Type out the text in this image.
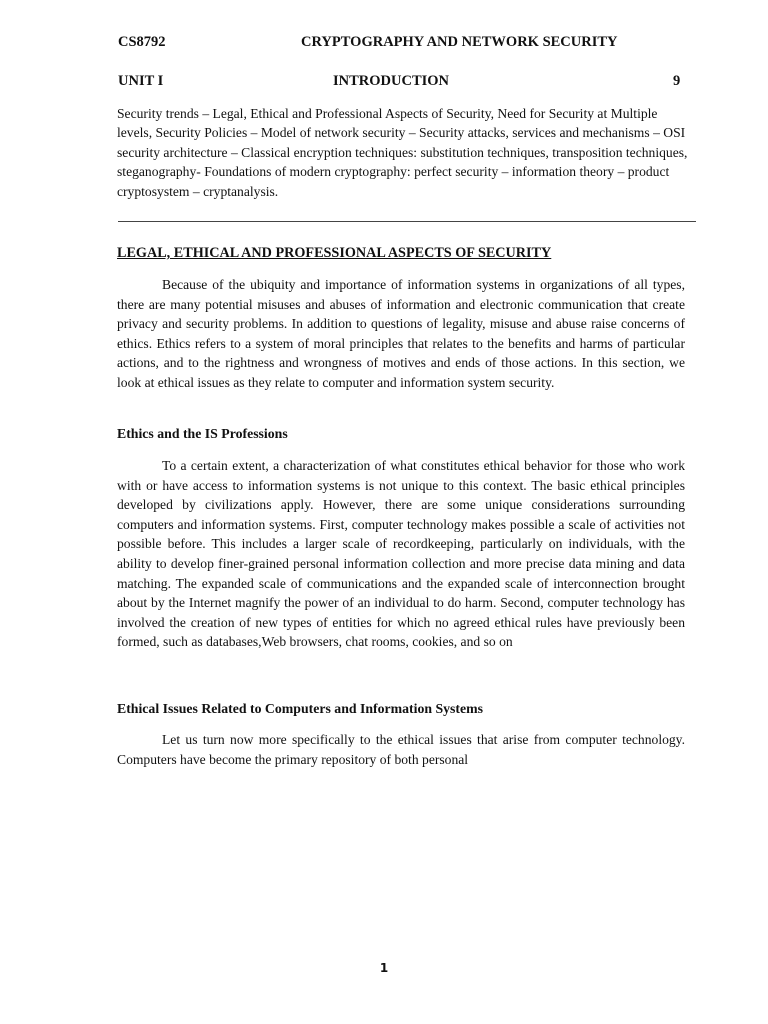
CS8792	CRYPTOGRAPHY AND NETWORK SECURITY
UNIT I	INTRODUCTION	9

Security trends – Legal, Ethical and Professional Aspects of Security, Need for Security at Multiple levels, Security Policies – Model of network security – Security attacks, services and mechanisms – OSI security architecture – Classical encryption techniques: substitution techniques, transposition techniques, steganography- Foundations of modern cryptography: perfect security – information theory – product cryptosystem – cryptanalysis.

LEGAL, ETHICAL AND PROFESSIONAL ASPECTS OF SECURITY

Because of the ubiquity and importance of information systems in organizations of all types, there are many potential misuses and abuses of information and electronic communication that create privacy and security problems. In addition to questions of legality, misuse and abuse raise concerns of ethics. Ethics refers to a system of moral principles that relates to the benefits and harms of particular actions, and to the rightness and wrongness of motives and ends of those actions. In this section, we look at ethical issues as they relate to computer and information system security.

Ethics and the IS Professions

To a certain extent, a characterization of what constitutes ethical behavior for those who work with or have access to information systems is not unique to this context. The basic ethical principles developed by civilizations apply. However, there are some unique considerations surrounding computers and information systems. First, computer technology makes possible a scale of activities not possible before. This includes a larger scale of recordkeeping, particularly on individuals, with the ability to develop finer-grained personal information collection and more precise data mining and data matching. The expanded scale of communications and the expanded scale of interconnection brought about by the Internet magnify the power of an individual to do harm. Second, computer technology has involved the creation of new types of entities for which no agreed ethical rules have previously been formed, such as databases,Web browsers, chat rooms, cookies, and so on

Ethical Issues Related to Computers and Information Systems

Let us turn now more specifically to the ethical issues that arise from computer technology. Computers have become the primary repository of both personal

1
